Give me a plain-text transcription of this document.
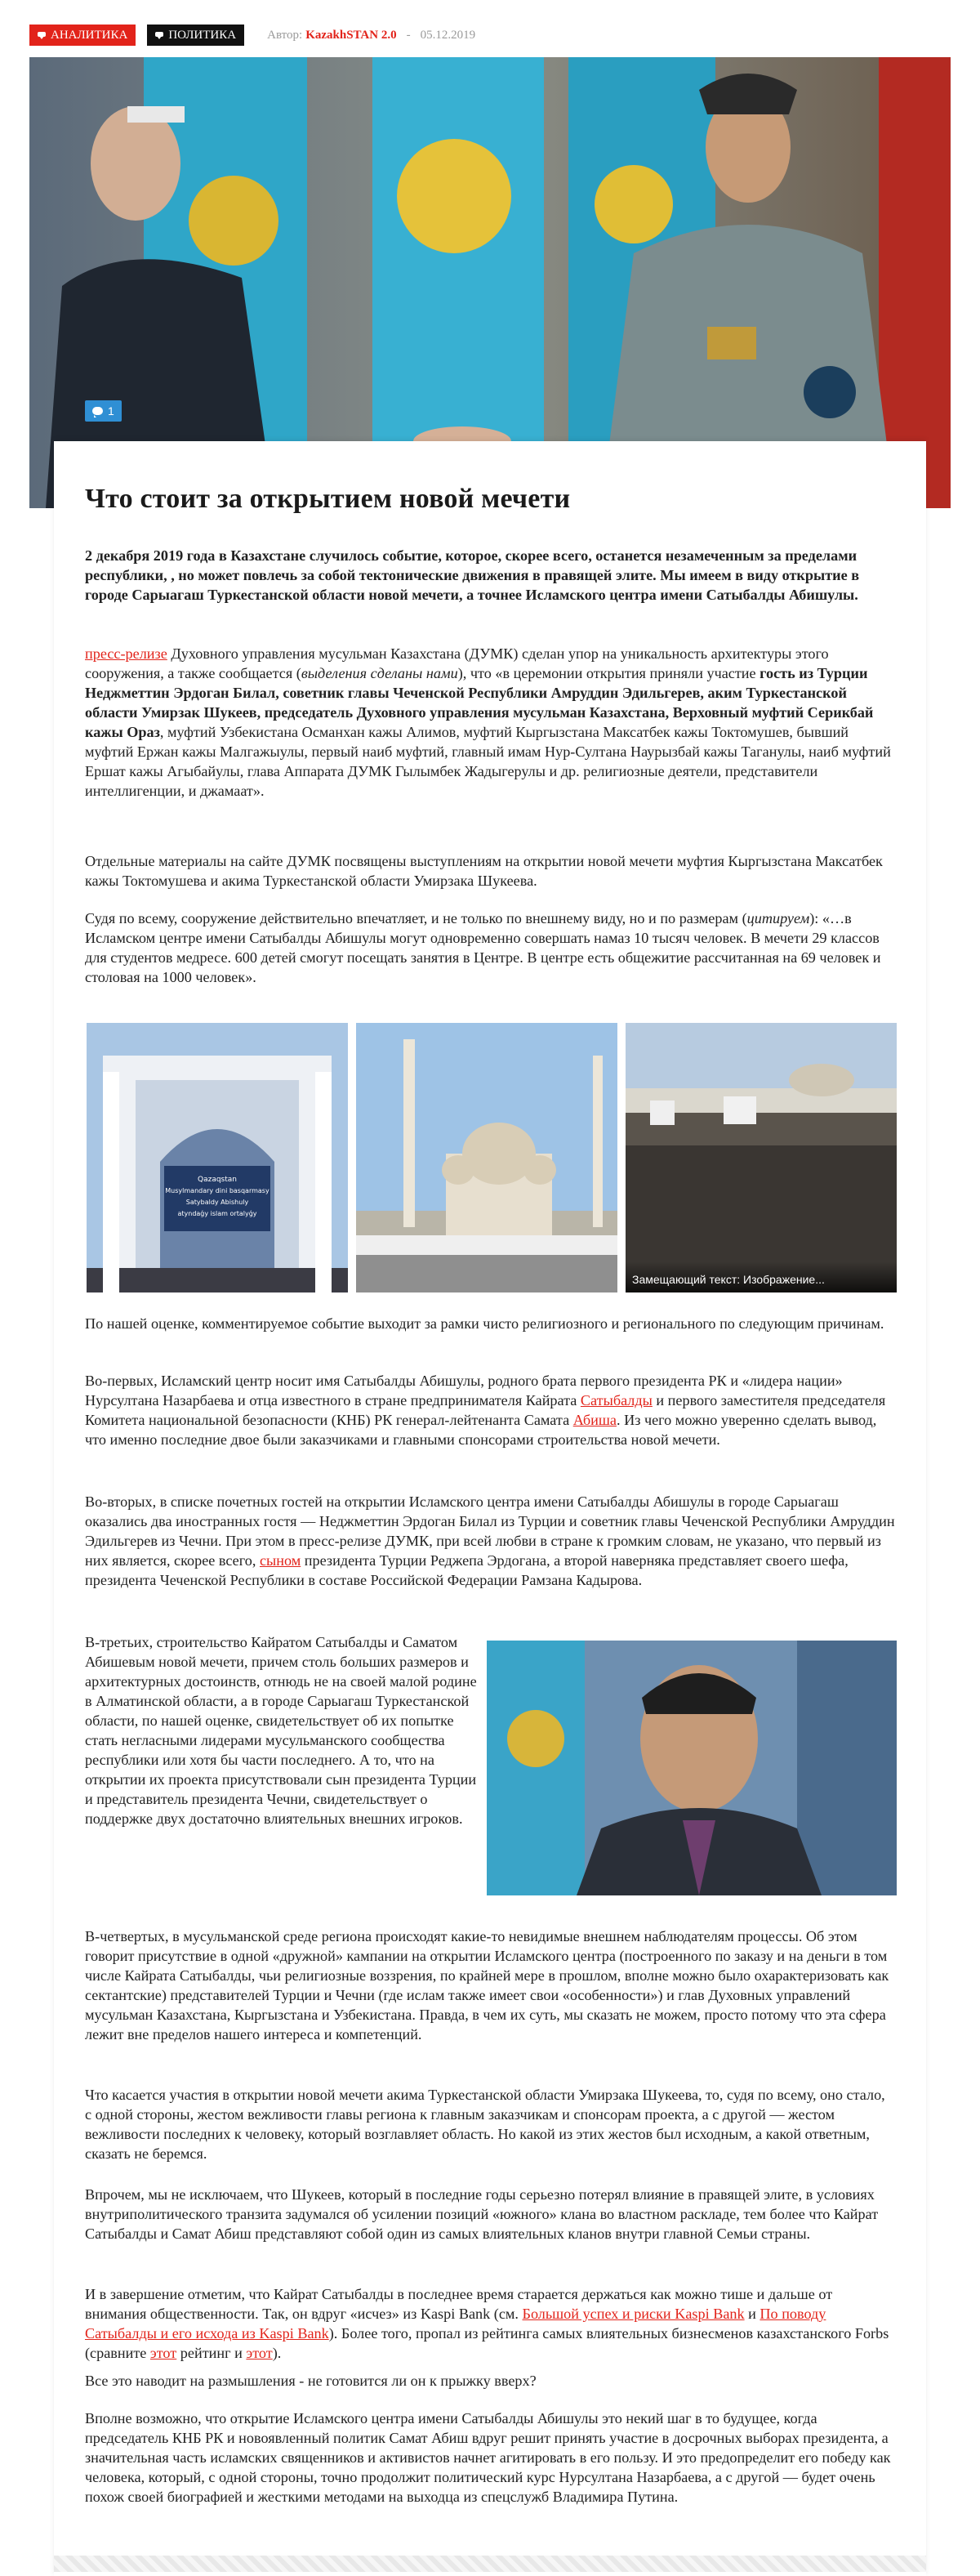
АНАЛИТИКА	ПОЛИТИКА	Автор: KazakhSTAN 2.0 - 05.12.2019
1
Что стоит за открытием новой мечети

2 декабря 2019 года в Казахстане случилось событие, которое, скорее всего, останется незамеченным за пределами республики, , но может повлечь за собой тектонические движения в правящей элите. Мы имеем в виду открытие в городе Сарыагаш Туркестанской области новой мечети, а точнее Исламского центра имени Сатыбалды Абишулы.

пресс-релизе Духовного управления мусульман Казахстана (ДУМК) сделан упор на уникальность архитектуры этого сооружения, а также сообщается (выделения сделаны нами), что «в церемонии открытия приняли участие гость из Турции Неджметтин Эрдоган Билал, советник главы Чеченской Республики Амруддин Эдильгерев, аким Туркестанской области Умирзак Шукеев, председатель Духовного управления мусульман Казахстана, Верховный муфтий Серикбай кажы Ораз, муфтий Узбекистана Османхан кажы Алимов, муфтий Кыргызстана Максатбек кажы Токтомушев, бывший муфтий Ержан кажы Малгажыулы, первый наиб муфтий, главный имам Нур-Султана Наурызбай кажы Таганулы, наиб муфтий Ершат кажы Агыбайулы, глава Аппарата ДУМК Гылымбек Жадыгерулы и др. религиозные деятели, представители интеллигенции, и джамаат».

Отдельные материалы на сайте ДУМК посвящены выступлениям на открытии новой мечети муфтия Кыргызстана Максатбек кажы Токтомушева и акима Туркестанской области Умирзака Шукеева.

Судя по всему, сооружение действительно впечатляет, и не только по внешнему виду, но и по размерам (цитируем): «…в Исламском центре имени Сатыбалды Абишулы могут одновременно совершать намаз 10 тысяч человек. В мечети 29 классов для студентов медресе. 600 детей смогут посещать занятия в Центре. В центре есть общежитие рассчитанная на 69 человек и столовая на 1000 человек».

Qazaqstan
Musylmandary dini basqarmasy
Satybaldy Abishuly
atyndaǵy islam ortalyǵy
Замещающий текст: Изображение...

По нашей оценке, комментируемое событие выходит за рамки чисто религиозного и регионального по следующим причинам.

Во-первых, Исламский центр носит имя Сатыбалды Абишулы, родного брата первого президента РК и «лидера нации» Нурсултана Назарбаева и отца известного в стране предпринимателя Кайрата Сатыбалды и первого заместителя председателя Комитета национальной безопасности (КНБ) РК генерал-лейтенанта Самата Абиша. Из чего можно уверенно сделать вывод, что именно последние двое были заказчиками и главными спонсорами строительства новой мечети.

Во-вторых, в списке почетных гостей на открытии Исламского центра имени Сатыбалды Абишулы в городе Сарыагаш оказались два иностранных гостя — Неджметтин Эрдоган Билал из Турции и советник главы Чеченской Республики Амруддин Эдильгерев из Чечни. При этом в пресс-релизе ДУМК, при всей любви в стране к громким словам, не указано, что первый из них является, скорее всего, сыном президента Турции Реджепа Эрдогана, а второй наверняка представляет своего шефа, президента Чеченской Республики в составе Российской Федерации Рамзана Кадырова.

В-третьих, строительство Кайратом Сатыбалды и Саматом Абишевым новой мечети, причем столь больших размеров и архитектурных достоинств, отнюдь не на своей малой родине в Алматинской области, а в городе Сарыагаш Туркестанской области, по нашей оценке, свидетельствует об их попытке стать негласными лидерами мусульманского сообщества республики или хотя бы части последнего. А то, что на открытии их проекта присутствовали сын президента Турции и представитель президента Чечни, свидетельствует о поддержке двух достаточно влиятельных внешних игроков.

В-четвертых, в мусульманской среде региона происходят какие-то невидимые внешнем наблюдателям процессы. Об этом говорит присутствие в одной «дружной» кампании на открытии Исламского центра (построенного по заказу и на деньги в том числе Кайрата Сатыбалды, чьи религиозные воззрения, по крайней мере в прошлом, вполне можно было охарактеризовать как сектантские) представителей Турции и Чечни (где ислам также имеет свои «особенности») и глав Духовных управлений мусульман Казахстана, Кыргызстана и Узбекистана. Правда, в чем их суть, мы сказать не можем, просто потому что эта сфера лежит вне пределов нашего интереса и компетенций.

Что касается участия в открытии новой мечети акима Туркестанской области Умирзака Шукеева, то, судя по всему, оно стало, с одной стороны, жестом вежливости главы региона к главным заказчикам и спонсорам проекта, а с другой — жестом вежливости последних к человеку, который возглавляет область. Но какой из этих жестов был исходным, а какой ответным, сказать не беремся.

Впрочем, мы не исключаем, что Шукеев, который в последние годы серьезно потерял влияние в правящей элите, в условиях внутриполитического транзита задумался об усилении позиций «южного» клана во властном раскладе, тем более что Кайрат Сатыбалды и Самат Абиш представляют собой один из самых влиятельных кланов внутри главной Семьи страны.

И в завершение отметим, что Кайрат Сатыбалды в последнее время старается держаться как можно тише и дальше от внимания общественности. Так, он вдруг «исчез» из Kaspi Bank (см. Большой успех и риски Kaspi Bank и По поводу Сатыбалды и его исхода из Kaspi Bank). Более того, пропал из рейтинга самых влиятельных бизнесменов казахстанского Forbs (сравните этот рейтинг и этот).

Все это наводит на размышления - не готовится ли он к прыжку вверх?

Вполне возможно, что открытие Исламского центра имени Сатыбалды Абишулы это некий шаг в то будущее, когда председатель КНБ РК и новоявленный политик Самат Абиш вдруг решит принять участие в досрочных выборах президента, а значительная часть исламских священников и активистов начнет агитировать в его пользу. И это предопределит его победу как человека, который, с одной стороны, точно продолжит политический курс Нурсултана Назарбаева, а с другой — будет очень похож своей биографией и жесткими методами на выходца из спецслужб Владимира Путина.
